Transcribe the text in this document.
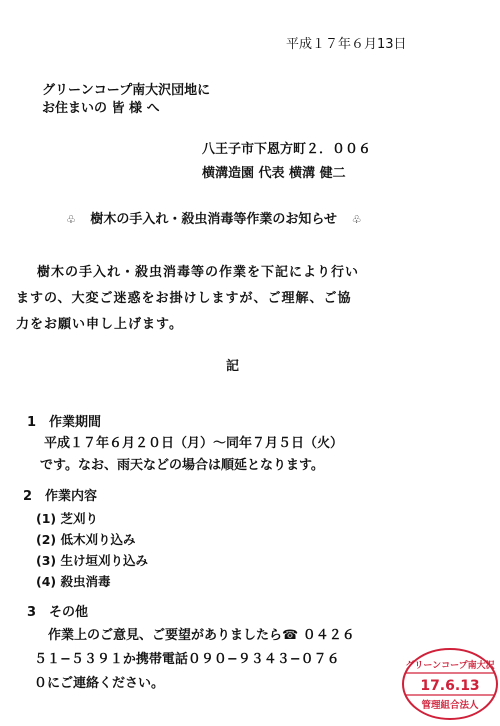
平成１７年６月13日
グリーンコープ南大沢団地に
お住まいの 皆 様 へ
八王子市下恩方町２．００６
横溝造園 代表 横溝 健二
♧ 樹木の手入れ・殺虫消毒等作業のお知らせ ♧
樹木の手入れ・殺虫消毒等の作業を下記により行い
ますの、大変ご迷惑をお掛けしますが、ご理解、ご協
力をお願い申し上げます。
記
1　作業期間
平成１７年６月２０日（月）〜同年７月５日（火）
です。なお、雨天などの場合は順延となります。
2　作業内容
(1) 芝刈り
(2) 低木刈り込み
(3) 生け垣刈り込み
(4) 殺虫消毒
3　その他
作業上のご意見、ご要望がありましたら☎ ０４２６
５１−５３９１か携帯電話０９０−９３４３−０７６
０にご連絡ください。
グリーンコープ南大沢
17.6.13
管理組合法人
